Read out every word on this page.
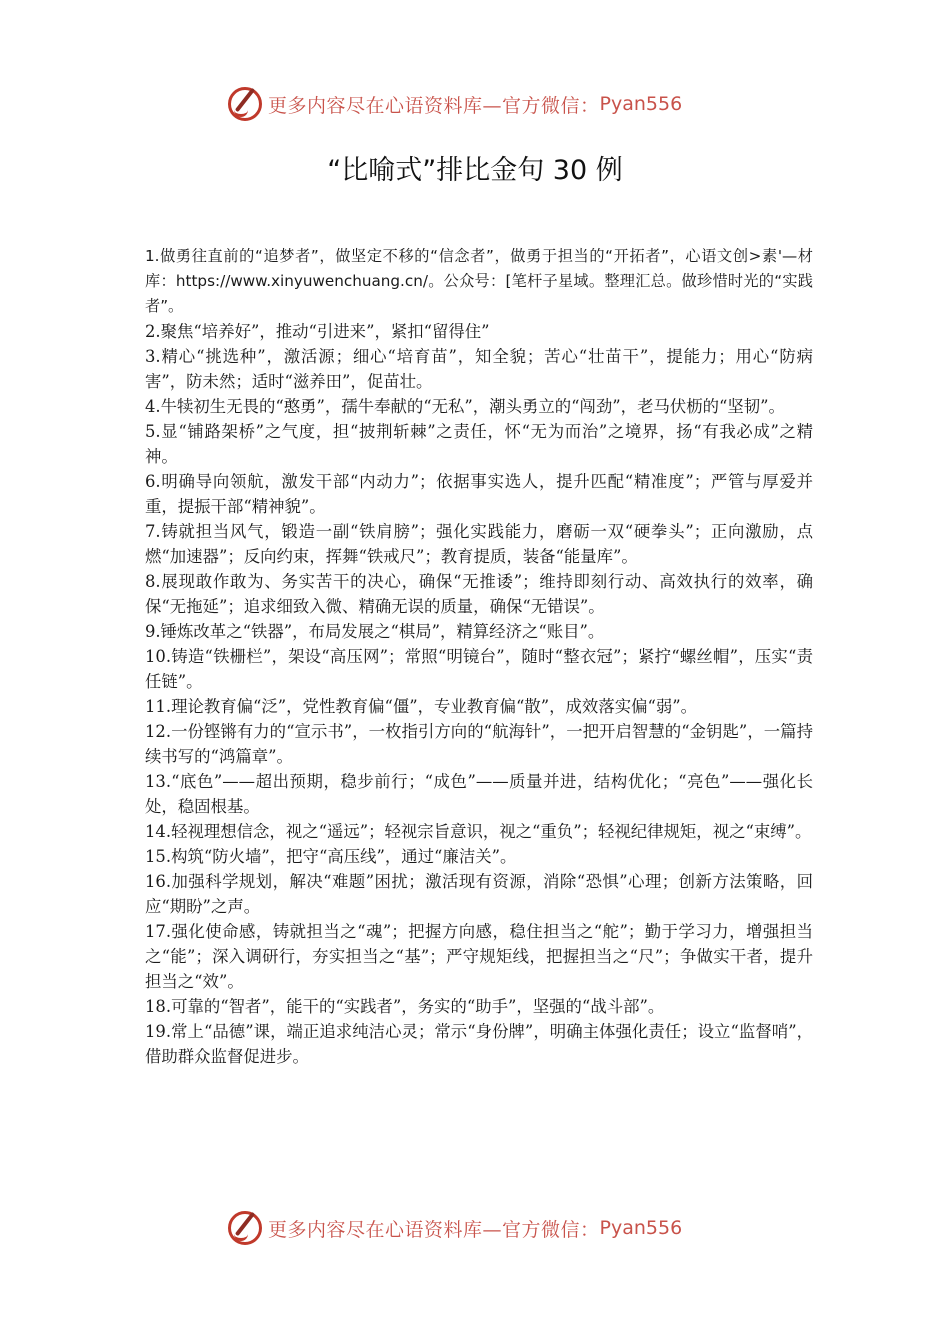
更多内容尽在心语资料库—官方微信： Pyan556
“比喻式”排比金句 30 例

1.做勇往直前的“追梦者”，做坚定不移的“信念者”，做勇于担当的“开拓者”，心语文创>素'—材库：https://www.xinyuwenchuang.cn/。公众号：[笔杆子星域。整理汇总。做珍惜时光的“实践者”。

2.聚焦“培养好”，推动“引进来”，紧扣“留得住”

3.精心“挑选种”，激活源；细心“培育苗”，知全貌；苦心“壮苗干”，提能力；用心“防病害”，防未然；适时“滋养田”，促苗壮。

4.牛犊初生无畏的“憨勇”，孺牛奉献的“无私”，潮头勇立的“闯劲”，老马伏枥的“坚韧”。

5.显“铺路架桥”之气度，担“披荆斩棘”之责任，怀“无为而治”之境界，扬“有我必成”之精神。

6.明确导向领航，激发干部“内动力”；依据事实选人，提升匹配“精准度”；严管与厚爱并重，提振干部“精神貌”。

7.铸就担当风气，锻造一副“铁肩膀”；强化实践能力，磨砺一双“硬拳头”；正向激励，点燃“加速器”；反向约束，挥舞“铁戒尺”；教育提质，装备“能量库”。

8.展现敢作敢为、务实苦干的决心，确保“无推诿”；维持即刻行动、高效执行的效率，确保“无拖延”；追求细致入微、精确无误的质量，确保“无错误”。

9.锤炼改革之“铁器”，布局发展之“棋局”，精算经济之“账目”。

10.铸造“铁栅栏”，架设“高压网”；常照“明镜台”，随时“整衣冠”；紧拧“螺丝帽”，压实“责任链”。

11.理论教育偏“泛”，党性教育偏“僵”，专业教育偏“散”，成效落实偏“弱”。

12.一份铿锵有力的“宣示书”，一枚指引方向的“航海针”，一把开启智慧的“金钥匙”，一篇持续书写的“鸿篇章”。

13.“底色”——超出预期，稳步前行；“成色”——质量并进，结构优化；“亮色”——强化长处，稳固根基。

14.轻视理想信念，视之“遥远”；轻视宗旨意识，视之“重负”；轻视纪律规矩，视之“束缚”。

15.构筑“防火墙”，把守“高压线”，通过“廉洁关”。

16.加强科学规划，解决“难题”困扰；激活现有资源，消除“恐惧”心理；创新方法策略，回应“期盼”之声。

17.强化使命感，铸就担当之“魂”；把握方向感，稳住担当之“舵”；勤于学习力，增强担当之“能”；深入调研行，夯实担当之“基”；严守规矩线，把握担当之“尺”；争做实干者，提升担当之“效”。

18.可靠的“智者”，能干的“实践者”，务实的“助手”，坚强的“战斗部”。

19.常上“品德”课，端正追求纯洁心灵；常示“身份牌”，明确主体强化责任；设立“监督哨”，借助群众监督促进步。

更多内容尽在心语资料库—官方微信： Pyan556
